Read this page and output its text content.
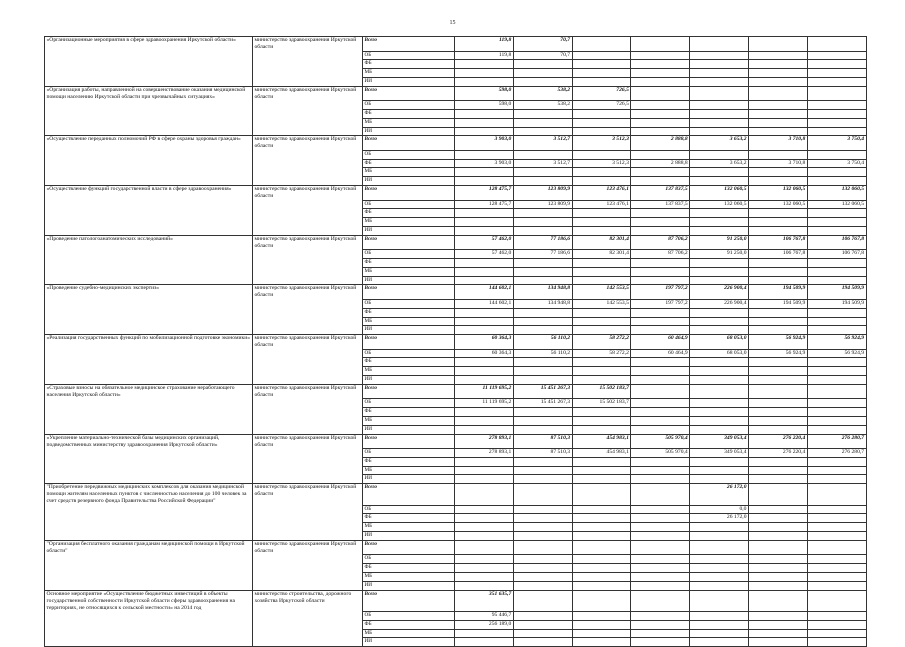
15
«Организационные мероприятия в сфере здравоохранения Иркутской области»	министерство здравоохранения Иркутской области	Всего	119,8	70,7					
		ОБ	119,8	70,7					
		ФБ							
		МБ							
		ИИ							
«Организация работы, направленной на совершенствование оказания медицинской помощи населению Иркутской области при чрезвычайных ситуациях»	министерство здравоохранения Иркутской области	Всего	598,0	538,2	726,5				
		ОБ	598,0	538,2	726,5				
		ФБ							
		МБ							
		ИИ							
«Осуществление переданных полномочий РФ в сфере охраны здоровья граждан»	министерство здравоохранения Иркутской области	Всего	3 903,0	3 512,7	3 512,3	2 888,8	3 653,2	3 710,8	3 750,4
		ОБ							
		ФБ	3 903,0	3 512,7	3 512,3	2 888,8	3 653,2	3 710,8	3 750,4
		МБ							
		ИИ							
«Осуществление функций государственной власти в сфере здравоохранения»	министерство здравоохранения Иркутской области	Всего	128 475,7	123 809,9	123 476,1	137 837,5	132 060,5	132 060,5	132 060,5
		ОБ	128 475,7	123 809,9	123 476,1	137 837,5	132 060,5	132 060,5	132 060,5
		ФБ							
		МБ							
		ИИ							
«Проведение патологоанатомических исследований»	министерство здравоохранения Иркутской области	Всего	57 462,0	77 186,6	82 301,4	87 706,2	91 250,0	106 767,8	106 767,8
		ОБ	57 462,0	77 186,6	82 301,4	87 706,2	91 250,0	106 767,8	106 767,8
		ФБ							
		МБ							
		ИИ							
«Проведение судебно-медицинских экспертиз»	министерство здравоохранения Иркутской области	Всего	144 602,1	134 948,8	142 553,5	197 797,2	226 900,4	194 509,9	194 509,9
		ОБ	144 602,1	134 948,8	142 553,5	197 797,2	226 900,4	194 509,9	194 509,9
		ФБ							
		МБ							
		ИИ							
«Реализация государственных функций по мобилизационной подготовке экономики»	министерство здравоохранения Иркутской области	Всего	60 364,3	56 110,2	58 272,2	60 464,9	68 053,0	56 924,9	56 924,9
		ОБ	60 364,3	56 110,2	58 272,2	60 464,9	68 053,0	56 924,9	56 924,9
		ФБ							
		МБ							
		ИИ							
«Страховые взносы на обязательное медицинское страхование неработающего населения Иркутской области»	министерство здравоохранения Иркутской области	Всего	11 119 695,2	15 451 267,3	15 502 183,7				
		ОБ	11 119 695,2	15 451 267,3	15 502 183,7				
		ФБ							
		МБ							
		ИИ							
«Укрепление материально-технической базы медицинских организаций, подведомственных министерству здравоохранения Иркутской области»	министерство здравоохранения Иркутской области	Всего	278 893,1	87 510,3	454 983,1	505 970,4	349 053,4	276 220,4	276 280,7
		ОБ	278 893,1	87 510,3	454 983,1	505 970,4	349 053,4	276 220,4	276 280,7
		ФБ							
		МБ							
		ИИ							
"Приобретение передвижных медицинских комплексов для оказания медицинской помощи жителям населенных пунктов с численностью населения до 100 человек за счет средств резервного фонда Правительства Российской Федерации"	министерство здравоохранения Иркутской области	Всего					26 172,0		
		ОБ					0,0		
		ФБ					26 172,0		
		МБ							
		ИИ							
"Организация бесплатного оказания гражданам медицинской помощи в Иркутской области"	министерство здравоохранения Иркутской области	Всего							
		ОБ							
		ФБ							
		МБ							
		ИИ							
Основное мероприятие «Осуществление бюджетных инвестиций в объекты государственной собственности Иркутской области сферы здравоохранения на территориях, не относящихся к сельской местности» на 2014 год	министерство строительства, дорожного хозяйства Иркутской области	Всего	351 635,7						
		ОБ	95 446,7						
		ФБ	256 189,0						
		МБ							
		ИИ							
